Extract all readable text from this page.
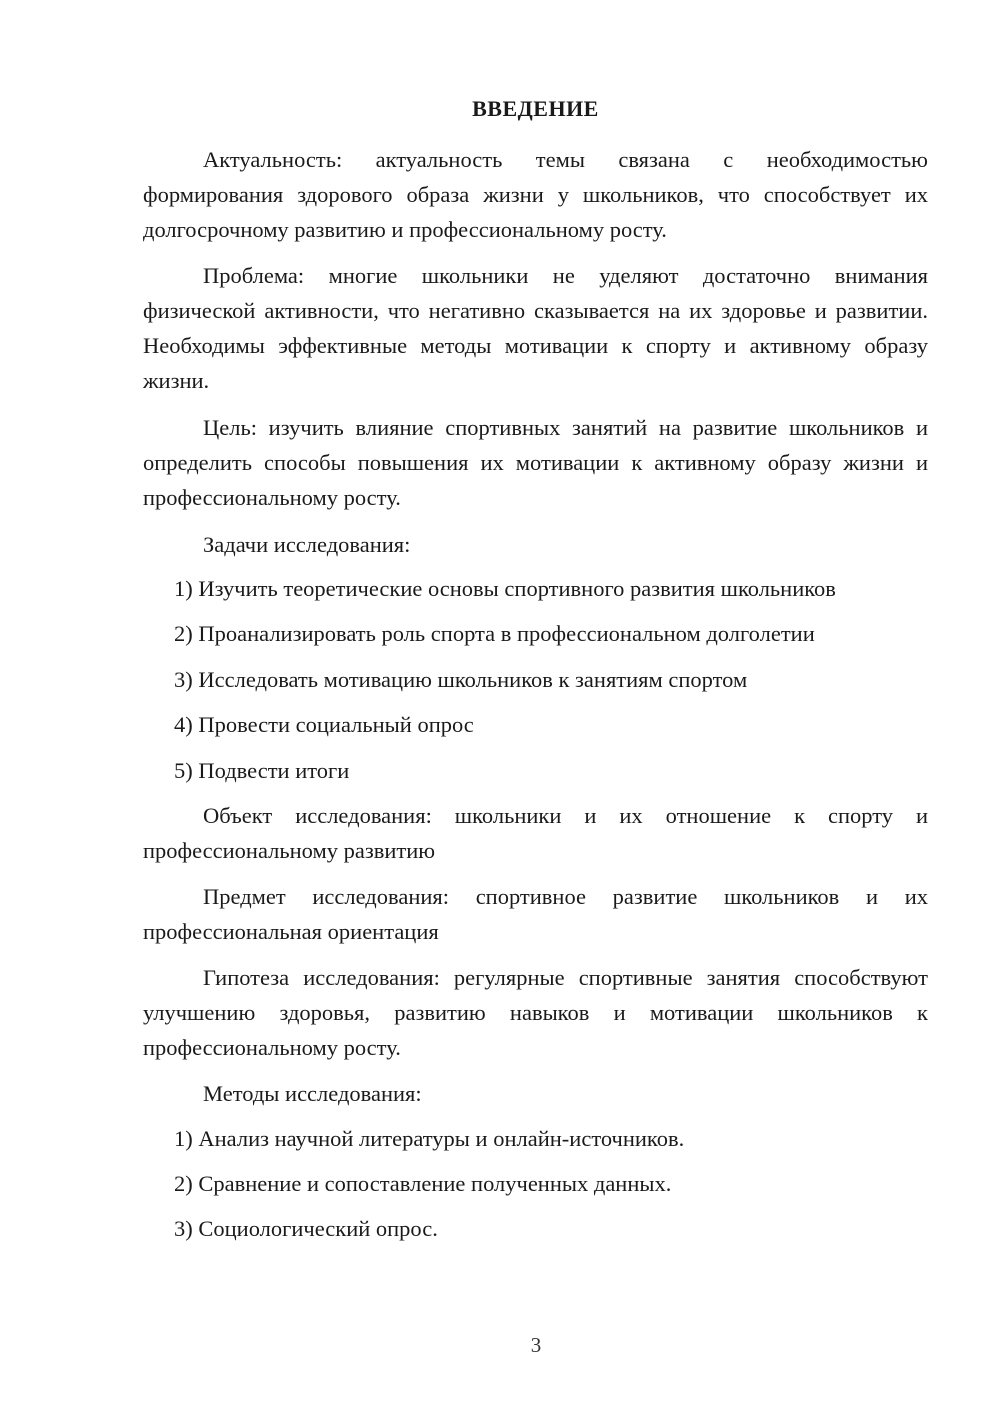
ВВЕДЕНИЕ

Актуальность: актуальность темы связана с необходимостью формирования здорового образа жизни у школьников, что способствует их долгосрочному развитию и профессиональному росту.

Проблема: многие школьники не уделяют достаточно внимания физической активности, что негативно сказывается на их здоровье и развитии. Необходимы эффективные методы мотивации к спорту и активному образу жизни.

Цель: изучить влияние спортивных занятий на развитие школьников и определить способы повышения их мотивации к активному образу жизни и профессиональному росту.

Задачи исследования:

1) Изучить теоретические основы спортивного развития школьников

2) Проанализировать роль спорта в профессиональном долголетии

3) Исследовать мотивацию школьников к занятиям спортом

4) Провести социальный опрос

5) Подвести итоги

Объект исследования: школьники и их отношение к спорту и профессиональному развитию

Предмет исследования: спортивное развитие школьников и их профессиональная ориентация

Гипотеза исследования: регулярные спортивные занятия способствуют улучшению здоровья, развитию навыков и мотивации школьников к профессиональному росту.

Методы исследования:

1) Анализ научной литературы и онлайн-источников.

2) Сравнение и сопоставление полученных данных.

3) Социологический опрос.

3
